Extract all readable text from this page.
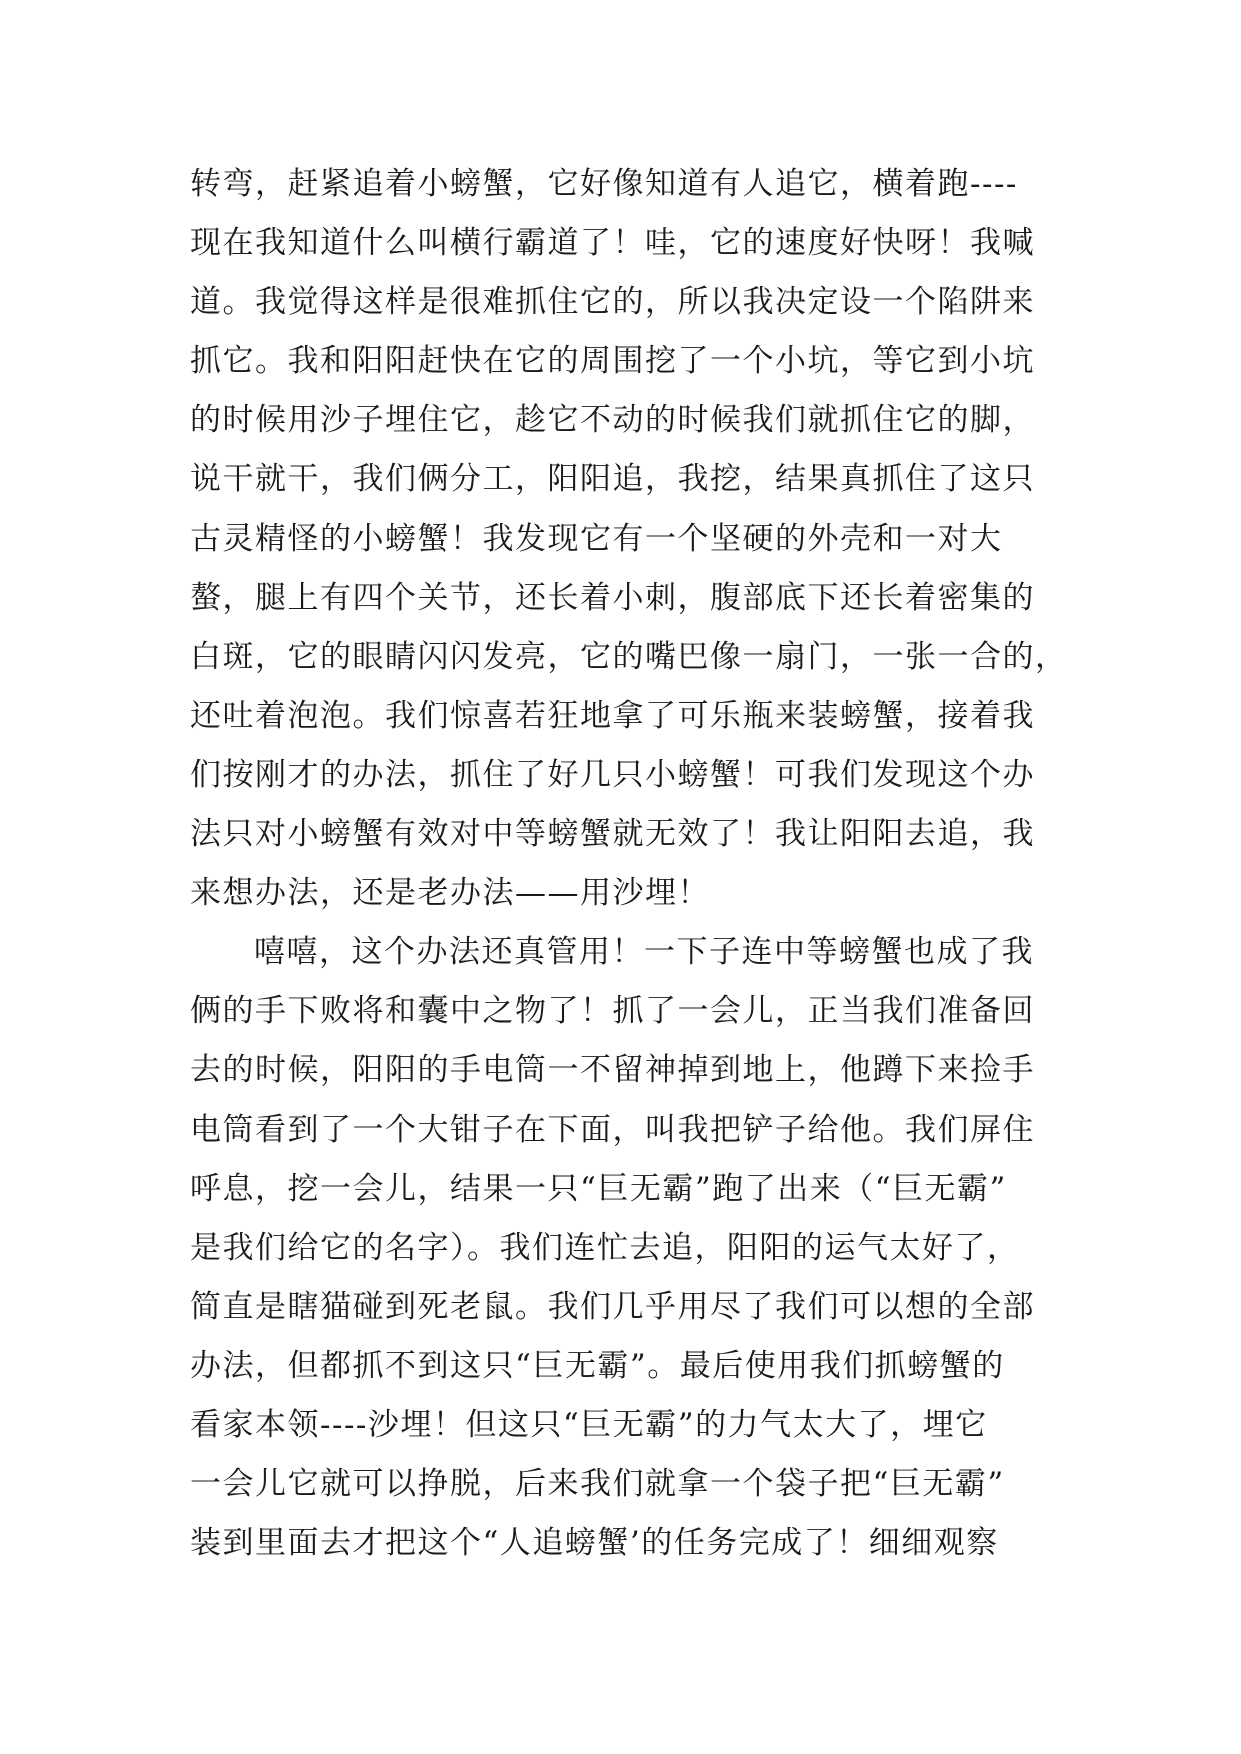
转弯，赶紧追着小螃蟹，它好像知道有人追它，横着跑----
现在我知道什么叫横行霸道了！哇，它的速度好快呀！我喊
道。我觉得这样是很难抓住它的，所以我决定设一个陷阱来
抓它。我和阳阳赶快在它的周围挖了一个小坑，等它到小坑
的时候用沙子埋住它，趁它不动的时候我们就抓住它的脚，
说干就干，我们俩分工，阳阳追，我挖，结果真抓住了这只
古灵精怪的小螃蟹！我发现它有一个坚硬的外壳和一对大
螯，腿上有四个关节，还长着小刺，腹部底下还长着密集的
白斑，它的眼睛闪闪发亮，它的嘴巴像一扇门，一张一合的，
还吐着泡泡。我们惊喜若狂地拿了可乐瓶来装螃蟹，接着我
们按刚才的办法，抓住了好几只小螃蟹！可我们发现这个办
法只对小螃蟹有效对中等螃蟹就无效了！我让阳阳去追，我
来想办法，还是老办法——用沙埋！
嘻嘻，这个办法还真管用！一下子连中等螃蟹也成了我
俩的手下败将和囊中之物了！抓了一会儿，正当我们准备回
去的时候，阳阳的手电筒一不留神掉到地上，他蹲下来捡手
电筒看到了一个大钳子在下面，叫我把铲子给他。我们屏住
呼息，挖一会儿，结果一只“巨无霸”跑了出来（“巨无霸”
是我们给它的名字）。我们连忙去追，阳阳的运气太好了，
简直是瞎猫碰到死老鼠。我们几乎用尽了我们可以想的全部
办法，但都抓不到这只“巨无霸”。最后使用我们抓螃蟹的
看家本领----沙埋！但这只“巨无霸”的力气太大了，埋它
一会儿它就可以挣脱，后来我们就拿一个袋子把“巨无霸”
装到里面去才把这个“人追螃蟹’的任务完成了！细细观察
